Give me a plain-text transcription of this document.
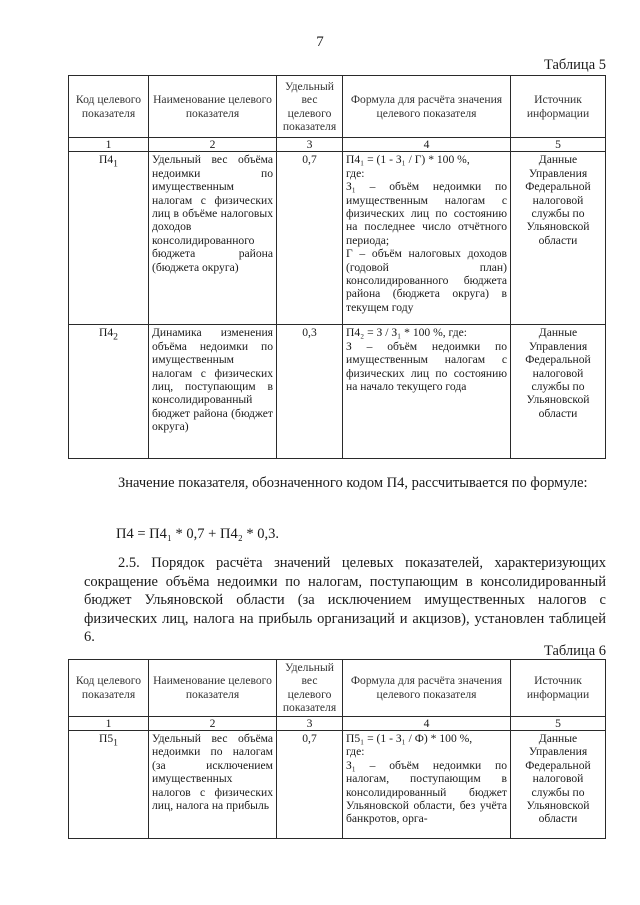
7
Таблица 5
Код целевого показателя	Наименование целевого показателя	Удельный вес целевого показателя	Формула для расчёта значения целевого показателя	Источник информации
1	2	3	4	5
$П4_1$	Удельный вес объёма недоимки по имущественным налогам с физических лиц в объёме налоговых доходов консолидированного бюджета района (бюджета округа)	0,7	П4₁ = (1 - З₁ / Г) * 100 %,
где:
З₁ – объём недоимки по имущественным налогам с физических лиц по состоянию на последнее число отчётного периода;
Г – объём налоговых доходов (годовой план) консолидированного бюджета района (бюджета округа) в текущем году	Данные Управления Федеральной налоговой службы по Ульяновской области
$П4_2$	Динамика изменения объёма недоимки по имущественным налогам с физических лиц, поступающим в консолидированный бюджет района (бюджет округа)	0,3	П4₂ = З / З₁ * 100 %, где:
З – объём недоимки по имущественным налогам с физических лиц по состоянию на начало текущего года	Данные Управления Федеральной налоговой службы по Ульяновской области
Значение показателя, обозначенного кодом П4, рассчитывается по формуле:
П4 = П4₁ * 0,7 + П4₂ * 0,3.
2.5. Порядок расчёта значений целевых показателей, характеризующих сокращение объёма недоимки по налогам, поступающим в консолидированный бюджет Ульяновской области (за исключением имущественных налогов с физических лиц, налога на прибыль организаций и акцизов), установлен таблицей 6.
Таблица 6
Код целевого показателя	Наименование целевого показателя	Удельный вес целевого показателя	Формула для расчёта значения целевого показателя	Источник информации
1	2	3	4	5
$П5_1$	Удельный вес объёма недоимки по налогам (за исключением имущественных налогов с физических лиц, налога на прибыль	0,7	П5₁ = (1 - З₁ / Ф) * 100 %,
где:
З₁ – объём недоимки по налогам, поступающим в консолидированный бюджет Ульяновской области, без учёта банкротов, орга-	Данные Управления Федеральной налоговой службы по Ульяновской области
